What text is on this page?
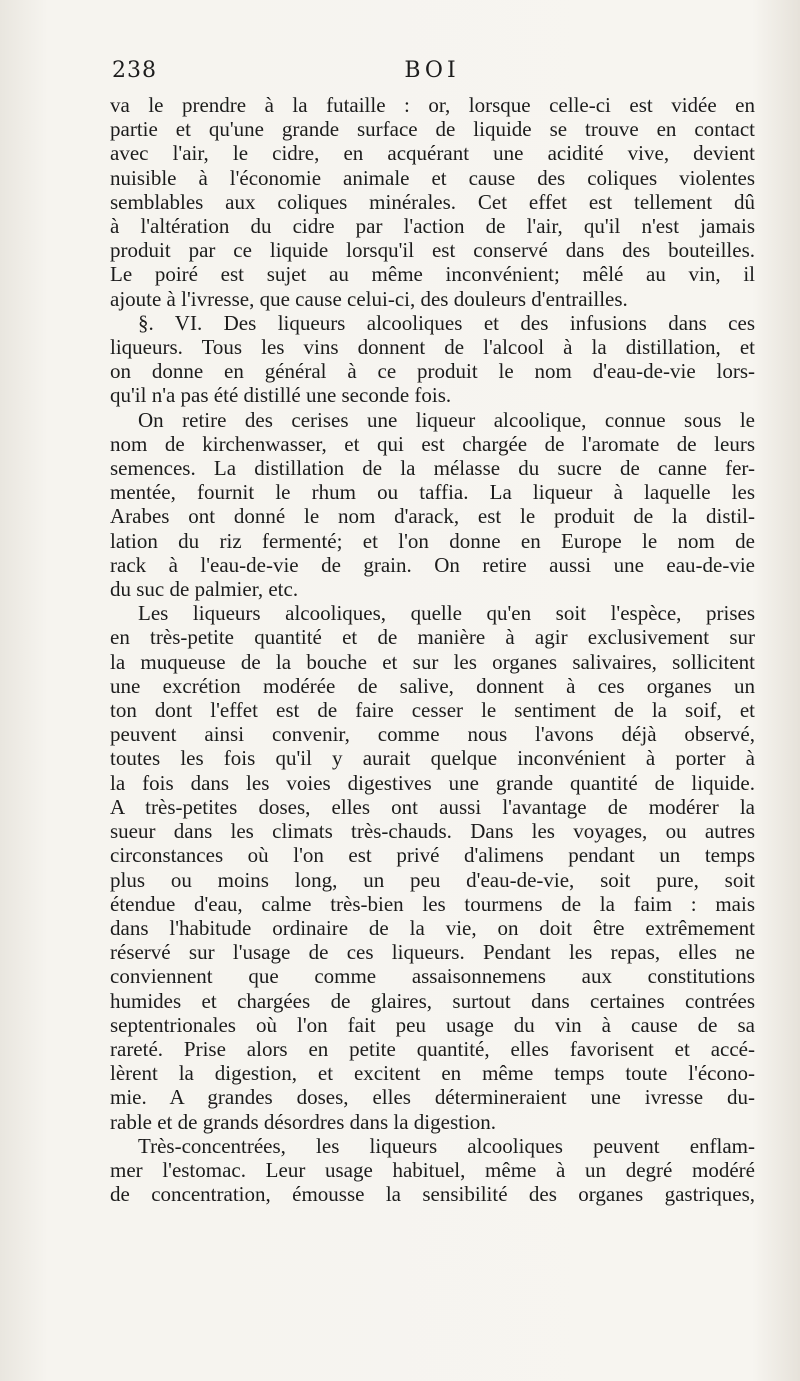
238	BOI
va le prendre à la futaille : or, lorsque celle-ci est vidée en
partie et qu'une grande surface de liquide se trouve en contact
avec l'air, le cidre, en acquérant une acidité vive, devient
nuisible à l'économie animale et cause des coliques violentes
semblables aux coliques minérales. Cet effet est tellement dû
à l'altération du cidre par l'action de l'air, qu'il n'est jamais
produit par ce liquide lorsqu'il est conservé dans des bouteilles.
Le poiré est sujet au même inconvénient; mêlé au vin, il
ajoute à l'ivresse, que cause celui-ci, des douleurs d'entrailles.
§. VI. Des liqueurs alcooliques et des infusions dans ces
liqueurs. Tous les vins donnent de l'alcool à la distillation, et
on donne en général à ce produit le nom d'eau-de-vie lors-
qu'il n'a pas été distillé une seconde fois.
On retire des cerises une liqueur alcoolique, connue sous le
nom de kirchenwasser, et qui est chargée de l'aromate de leurs
semences. La distillation de la mélasse du sucre de canne fer-
mentée, fournit le rhum ou taffia. La liqueur à laquelle les
Arabes ont donné le nom d'arack, est le produit de la distil-
lation du riz fermenté; et l'on donne en Europe le nom de
rack à l'eau-de-vie de grain. On retire aussi une eau-de-vie
du suc de palmier, etc.
Les liqueurs alcooliques, quelle qu'en soit l'espèce, prises
en très-petite quantité et de manière à agir exclusivement sur
la muqueuse de la bouche et sur les organes salivaires, sollicitent
une excrétion modérée de salive, donnent à ces organes un
ton dont l'effet est de faire cesser le sentiment de la soif, et
peuvent ainsi convenir, comme nous l'avons déjà observé,
toutes les fois qu'il y aurait quelque inconvénient à porter à
la fois dans les voies digestives une grande quantité de liquide.
A très-petites doses, elles ont aussi l'avantage de modérer la
sueur dans les climats très-chauds. Dans les voyages, ou autres
circonstances où l'on est privé d'alimens pendant un temps
plus ou moins long, un peu d'eau-de-vie, soit pure, soit
étendue d'eau, calme très-bien les tourmens de la faim : mais
dans l'habitude ordinaire de la vie, on doit être extrêmement
réservé sur l'usage de ces liqueurs. Pendant les repas, elles ne
conviennent que comme assaisonnemens aux constitutions
humides et chargées de glaires, surtout dans certaines contrées
septentrionales où l'on fait peu usage du vin à cause de sa
rareté. Prise alors en petite quantité, elles favorisent et accé-
lèrent la digestion, et excitent en même temps toute l'écono-
mie. A grandes doses, elles détermineraient une ivresse du-
rable et de grands désordres dans la digestion.
Très-concentrées, les liqueurs alcooliques peuvent enflam-
mer l'estomac. Leur usage habituel, même à un degré modéré
de concentration, émousse la sensibilité des organes gastriques,
